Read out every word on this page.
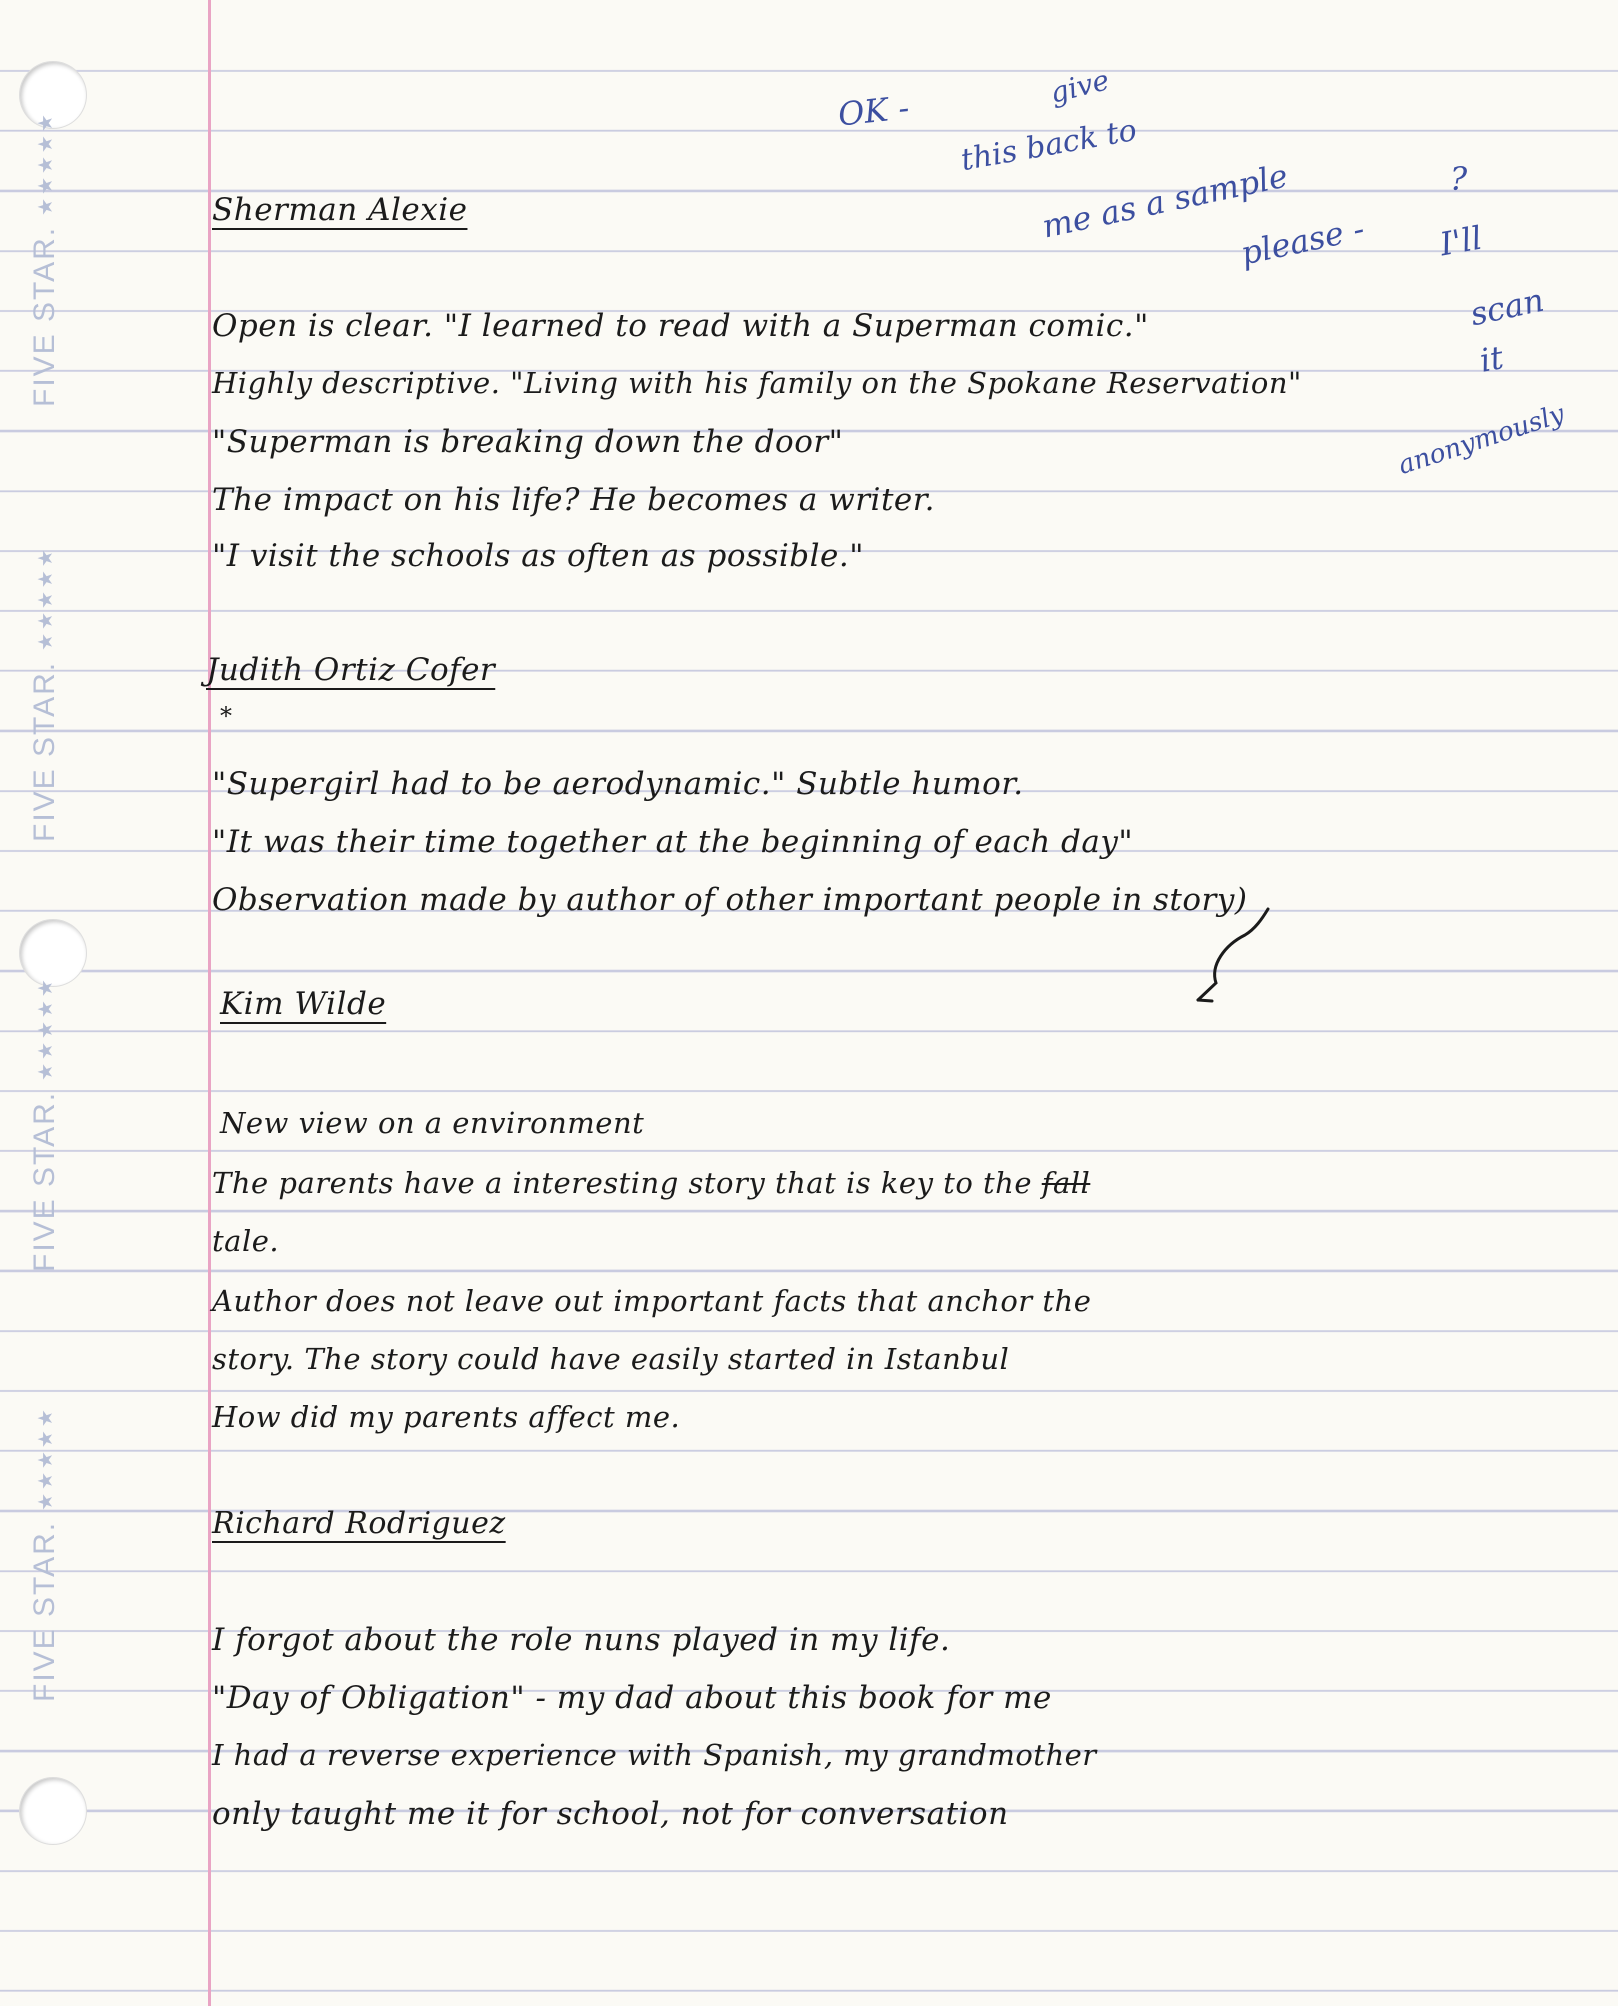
FIVE STAR.★★★★★
FIVE STAR.★★★★★
FIVE STAR.★★★★★
FIVE STAR.★★★★★
OK -
give
this back to
me as a sample	?
please - I'll
scan
it
anonymously
Sherman Alexie
Open is clear. "I learned to read with a Superman comic."
Highly descriptive. "Living with his family on the Spokane Reservation"
"Superman is breaking down the door"
The impact on his life? He becomes a writer.
"I visit the schools as often as possible."
Judith Ortiz Cofer
*
"Supergirl had to be aerodynamic." Subtle humor.
"It was their time together at the beginning of each day"
Observation made by author of other important people in story)
Kim Wilde
New view on a environment
The parents have a interesting story that is key to the fall
tale.
Author does not leave out important facts that anchor the
story. The story could have easily started in Istanbul
How did my parents affect me.
Richard Rodriguez
I forgot about the role nuns played in my life.
"Day of Obligation" - my dad about this book for me
I had a reverse experience with Spanish, my grandmother
only taught me it for school, not for conversation
